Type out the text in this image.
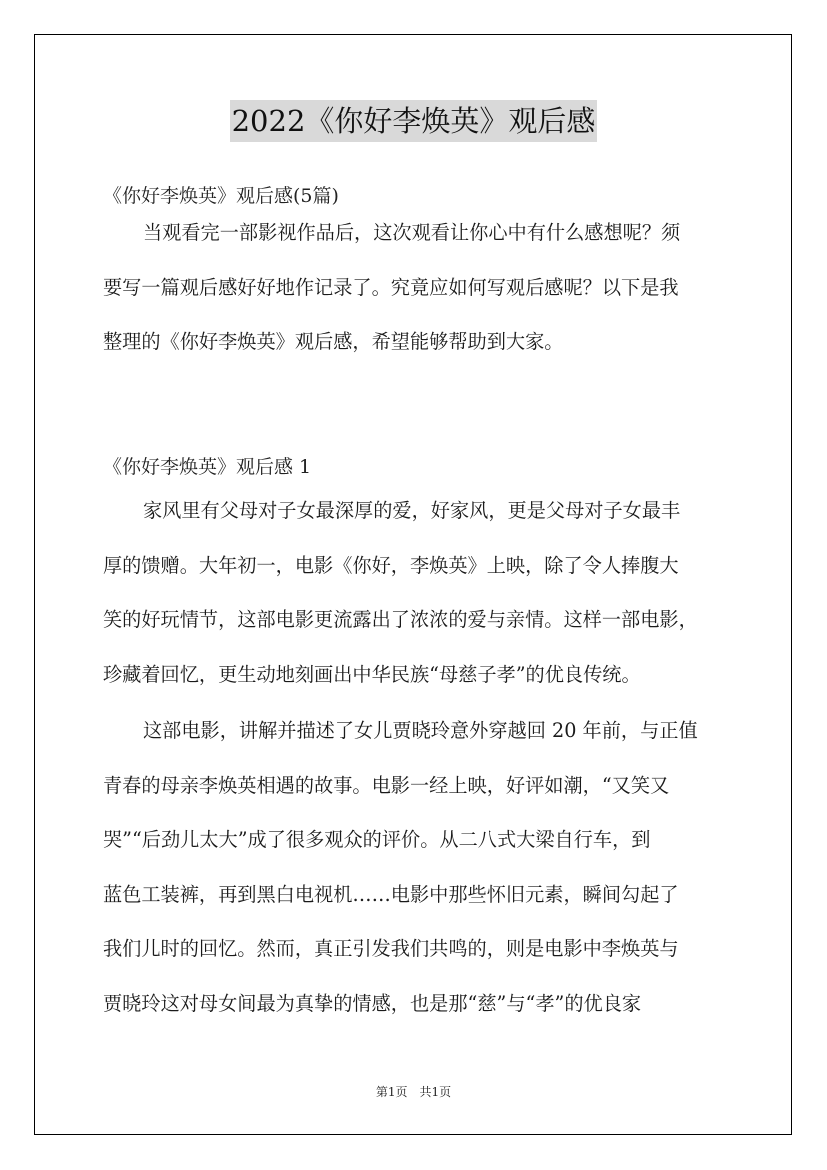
2022《你好李焕英》观后感
《你好李焕英》观后感(5篇)
当观看完一部影视作品后，这次观看让你心中有什么感想呢？须
要写一篇观后感好好地作记录了。究竟应如何写观后感呢？以下是我
整理的《你好李焕英》观后感，希望能够帮助到大家。
《你好李焕英》观后感 1
家风里有父母对子女最深厚的爱，好家风，更是父母对子女最丰
厚的馈赠。大年初一，电影《你好，李焕英》上映，除了令人捧腹大
笑的好玩情节，这部电影更流露出了浓浓的爱与亲情。这样一部电影，
珍藏着回忆，更生动地刻画出中华民族“母慈子孝”的优良传统。
这部电影，讲解并描述了女儿贾晓玲意外穿越回 20 年前，与正值
青春的母亲李焕英相遇的故事。电影一经上映，好评如潮，“又笑又
哭”“后劲儿太大”成了很多观众的评价。从二八式大梁自行车，到
蓝色工装裤，再到黑白电视机……电影中那些怀旧元素，瞬间勾起了
我们儿时的回忆。然而，真正引发我们共鸣的，则是电影中李焕英与
贾晓玲这对母女间最为真挚的情感，也是那“慈”与“孝”的优良家
第1页　共1页
